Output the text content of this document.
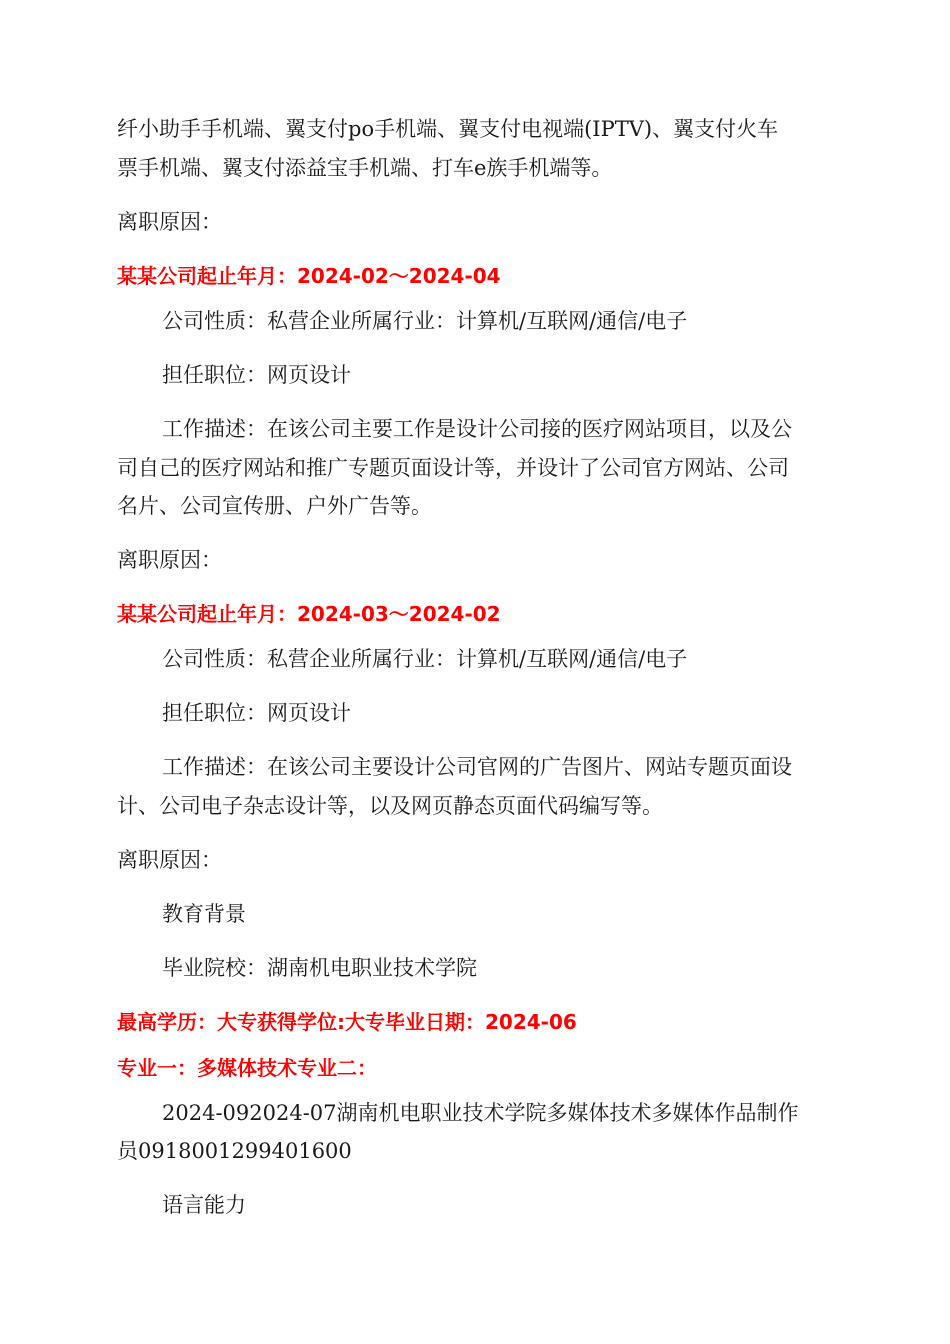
纤小助手手机端、翼支付po手机端、翼支付电视端(IPTV)、翼支付火车
票手机端、翼支付添益宝手机端、打车e族手机端等。
离职原因：
某某公司起止年月：2024-02～2024-04
公司性质：私营企业所属行业：计算机/互联网/通信/电子
担任职位：网页设计
工作描述：在该公司主要工作是设计公司接的医疗网站项目，以及公
司自己的医疗网站和推广专题页面设计等，并设计了公司官方网站、公司
名片、公司宣传册、户外广告等。
离职原因：
某某公司起止年月：2024-03～2024-02
公司性质：私营企业所属行业：计算机/互联网/通信/电子
担任职位：网页设计
工作描述：在该公司主要设计公司官网的广告图片、网站专题页面设
计、公司电子杂志设计等，以及网页静态页面代码编写等。
离职原因：
教育背景
毕业院校：湖南机电职业技术学院
最高学历：大专获得学位:大专毕业日期：2024-06
专业一：多媒体技术专业二：
2024-092024-07湖南机电职业技术学院多媒体技术多媒体作品制作
员0918001299401600
语言能力
